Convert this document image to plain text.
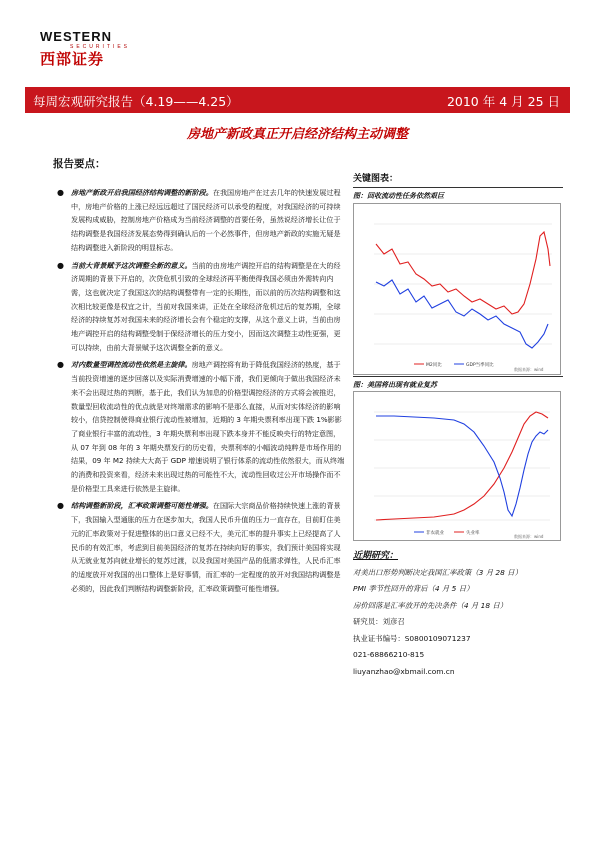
WESTERN
SECURITIES
西部证券
每周宏观研究报告（4.19——4.25）	2010 年 4 月 25 日
房地产新政真正开启经济结构主动调整
报告要点：
● 房地产新政开启我国经济结构调整的新阶段。在我国房地产在过去几年的快速发展过程中，房地产价格的上涨已经远远超过了国民经济可以承受的程度，对我国经济的可持续发展构成威胁，控制房地产价格成为当前经济调整的首要任务，虽然说经济增长让位于结构调整是我国经济发展态势得到确认后的一个必然事件，但房地产新政的实施无疑是结构调整进入新阶段的明显标志。
● 当前大背景赋予这次调整全新的意义。当前的由房地产调控开启的结构调整是在大的经济周期的背景下开启的，次贷危机引致的全球经济再平衡使得我国必须由外需转向内需，这也就决定了我国这次的结构调整带有一定的长期性，而以前的历次结构调整和这次相比较更像是权宜之计，当前对我国来讲，正处在全球经济危机过后的复苏期，全球经济的持续复苏对我国未来的经济增长会有个稳定的支撑，从这个意义上讲，当前由房地产调控开启的结构调整受制于保经济增长的压力变小，因而这次调整主动性更强，更可以持续，由前大背景赋予这次调整全新的意义。
● 对内数量型调控流动性依然是主旋律。房地产调控将有助于降低我国经济的热度，基于当前投资增速的逐步回落以及实际消费增速的小幅下滑，我们更倾向于做出我国经济未来不会出现过热的判断，基于此，我们认为加息的价格型调控经济的方式将会被推迟，数量型回收流动性的优点就是对终端需求的影响不是那么直接，从而对实体经济的影响较小，信贷控制使得商业银行流动性被增加，近期的 3 年期央票利率出现下跌 1%影影了商业银行丰富的流动性，3 年期央票利率出现下跌本身并不能反映央行的特定意图，从 07 年到 08 年的 3 年期央票发行的历史看，央票利率的小幅波动纯粹是市场作用的结果，09 年 M2 持续大大高于 GDP 增速说明了银行体系的流动性依然很大，而从终端的消费和投资来看，经济未来出现过热的可能性不大，流动性回收过公开市场操作而不是价格型工具来进行依然是主旋律。
● 结构调整新阶段，汇率政策调整可能性增强。在国际大宗商品价格持续快速上涨的背景下，我国输入型通胀的压力在逐步加大，我国人民币升值的压力一直存在，目前盯住美元的汇率政策对于促进整体的出口意义已经不大，美元汇率的提升事实上已经提高了人民币的有效汇率，考虑到目前美国经济的复苏在持续向好的事实，我们预计美国将实现从无就业复苏向就业增长的复苏过渡，以及我国对美国产品的低需求弹性，人民币汇率的适度放开对我国的出口整体上是好事情，而汇率的一定程度的放开对我国结构调整是必须的，因此我们判断结构调整新阶段，汇率政策调整可能性增强。
关键图表：
图：回收流动性任务依然艰巨
M2同比	GDP当季同比
数据来源：wind
图：美国将出现有就业复苏
非农就业	失业率
数据来源：wind
近期研究：
对美出口形势判断决定我国汇率政策（3 月 28 日）
PMI 季节性回升的背后（4 月 5 日）
房价回落是汇率放开的先决条件（4 月 18 日）
研究员：刘彦召
执业证书编号：S0800109071237
021-68866210-815
liuyanzhao@xbmail.com.cn
